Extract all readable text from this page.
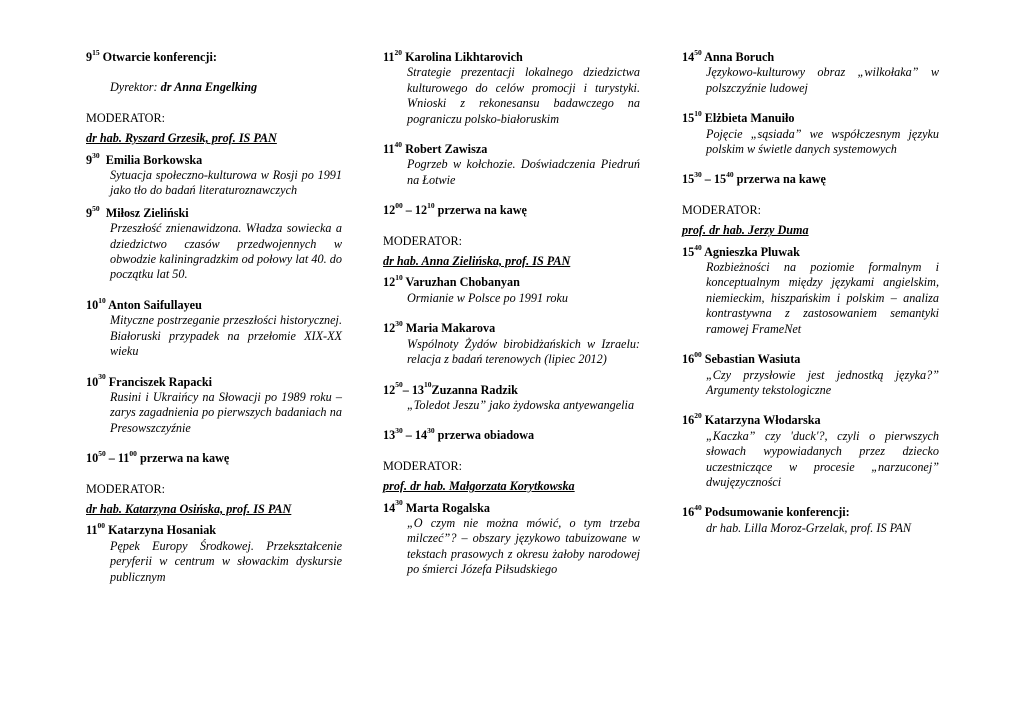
$9^{15}$ Otwarcie konferencji:
Dyrektor: dr Anna Engelking
MODERATOR:
dr hab. Ryszard Grzesik, prof. IS PAN
$9^{30}$ Emilia Borkowska
Sytuacja społeczno-kulturowa w Rosji po 1991 jako tło do badań literaturoznawczych
$9^{50}$ Miłosz Zieliński
Przeszłość znienawidzona. Władza sowiecka a dziedzictwo czasów przedwojennych w obwodzie kaliningradzkim od połowy lat 40. do początku lat 50.
$10^{10}$ Anton Saifullayeu
Mityczne postrzeganie przeszłości historycznej. Białoruski przypadek na przełomie XIX-XX wieku
$10^{30}$ Franciszek Rapacki
Rusini i Ukraińcy na Słowacji po 1989 roku – zarys zagadnienia po pierwszych badaniach na Presowszczyźnie
$10^{50} - 11^{00}$ przerwa na kawę
MODERATOR:
dr hab. Katarzyna Osińska, prof. IS PAN
$11^{00}$ Katarzyna Hosaniak
Pępek Europy Środkowej. Przekształcenie peryferii w centrum w słowackim dyskursie publicznym
$11^{20}$ Karolina Likhtarovich
Strategie prezentacji lokalnego dziedzictwa kulturowego do celów promocji i turystyki. Wnioski z rekonesansu badawczego na pograniczu polsko-białoruskim
$11^{40}$ Robert Zawisza
Pogrzeb w kołchozie. Doświadczenia Piedruń na Łotwie
$12^{00} - 12^{10}$ przerwa na kawę
MODERATOR:
dr hab. Anna Zielińska, prof. IS PAN
$12^{10}$ Varuzhan Chobanyan
Ormianie w Polsce po 1991 roku
$12^{30}$ Maria Makarova
Wspólnoty Żydów birobidżańskich w Izraelu: relacja z badań terenowych (lipiec 2012)
$12^{50}-$ $13^{10}Zuzanna$ Radzik
„Toledot Jeszu” jako żydowska antyewangelia
$13^{30} - 14^{30}$ przerwa obiadowa
MODERATOR:
prof. dr hab. Małgorzata Korytkowska
$14^{30}$ Marta Rogalska
„O czym nie można mówić, o tym trzeba milczeć”? – obszary językowo tabuizowane w tekstach prasowych z okresu żałoby narodowej po śmierci Józefa Piłsudskiego
$14^{50}$ Anna Boruch
Językowo-kulturowy obraz „wilkołaka” w polszczyźnie ludowej
$15^{10}$ Elżbieta Manuiło
Pojęcie „sąsiada” we współczesnym języku polskim w świetle danych systemowych
$15^{30} - 15^{40}$ przerwa na kawę
MODERATOR:
prof. dr hab. Jerzy Duma
$15^{40}$ Agnieszka Pluwak
Rozbieżności na poziomie formalnym i konceptualnym między językami angielskim, niemieckim, hiszpańskim i polskim – analiza kontrastywna z zastosowaniem semantyki ramowej FrameNet
$16^{00}$ Sebastian Wasiuta
„Czy przysłowie jest jednostką języka?” Argumenty tekstologiczne
$16^{20}$ Katarzyna Włodarska
„Kaczka” czy 'duck'?, czyli o pierwszych słowach wypowiadanych przez dziecko uczestniczące w procesie „narzuconej” dwujęzyczności
$16^{40}$ Podsumowanie konferencji:
dr hab. Lilla Moroz-Grzelak, prof. IS PAN
